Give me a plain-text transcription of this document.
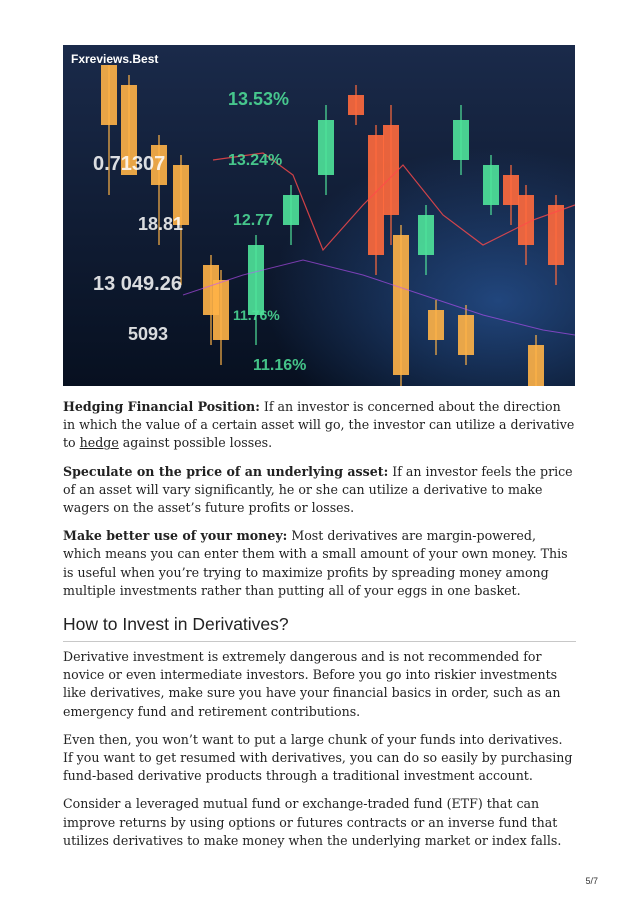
13.53%
0.71307	13.24%
18.81	12.77
13 049.26
5093
11.76%
11.16%
Fxreviews.Best

Hedging Financial Position: If an investor is concerned about the direction in which the value of a certain asset will go, the investor can utilize a derivative to hedge against possible losses.

Speculate on the price of an underlying asset: If an investor feels the price of an asset will vary significantly, he or she can utilize a derivative to make wagers on the asset’s future profits or losses.

Make better use of your money: Most derivatives are margin-powered, which means you can enter them with a small amount of your own money. This is useful when you’re trying to maximize profits by spreading money among multiple investments rather than putting all of your eggs in one basket.

How to Invest in Derivatives?

Derivative investment is extremely dangerous and is not recommended for novice or even intermediate investors. Before you go into riskier investments like derivatives, make sure you have your financial basics in order, such as an emergency fund and retirement contributions.

Even then, you won’t want to put a large chunk of your funds into derivatives. If you want to get resumed with derivatives, you can do so easily by purchasing fund-based derivative products through a traditional investment account.

Consider a leveraged mutual fund or exchange-traded fund (ETF) that can improve returns by using options or futures contracts or an inverse fund that utilizes derivatives to make money when the underlying market or index falls.

5/7
